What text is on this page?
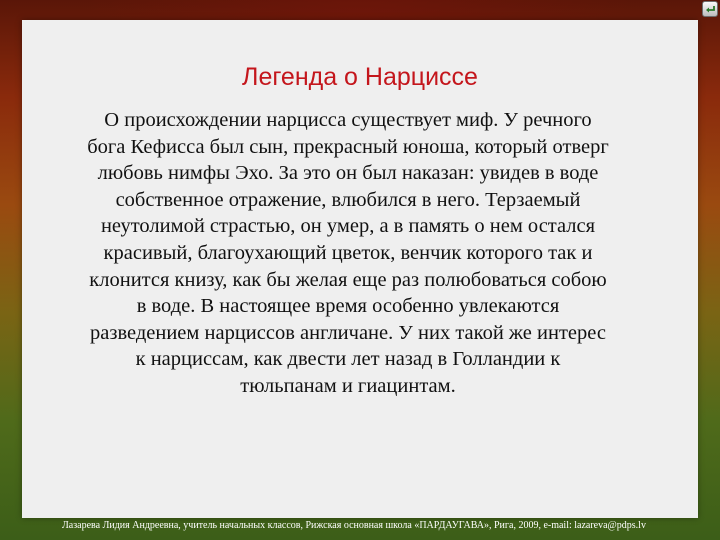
Легенда о Нарциссе
О происхождении нарцисса существует миф. У речного
бога Кефисса был сын, прекрасный юноша, который отверг
любовь нимфы Эхо. За это он был наказан: увидев в воде
собственное отражение, влюбился в него. Терзаемый
неутолимой страстью, он умер, а в память о нем остался
красивый, благоухающий цветок, венчик которого так и
клонится книзу, как бы желая еще раз полюбоваться собою
в воде. В настоящее время особенно увлекаются
разведением нарциссов англичане. У них такой же интерес
к нарциссам, как двести лет назад в Голландии к
тюльпанам и гиацинтам.
Лазарева Лидия Андреевна, учитель начальных классов, Рижская основная школа «ПАРДАУГАВА», Рига, 2009, e-mail: lazareva@pdps.lv
